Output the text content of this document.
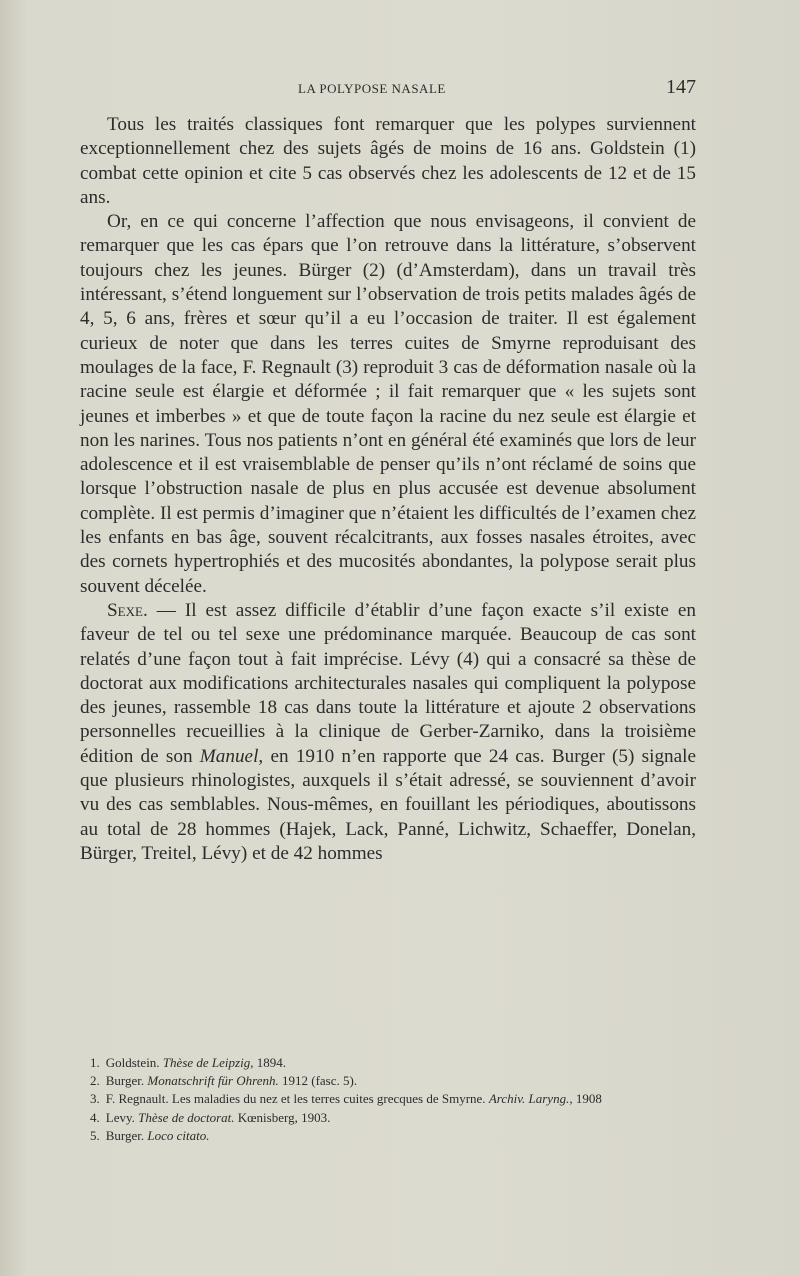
LA POLYPOSE NASALE	147

Tous les traités classiques font remarquer que les polypes surviennent exceptionnellement chez des sujets âgés de moins de 16 ans. Goldstein (1) combat cette opinion et cite 5 cas observés chez les adolescents de 12 et de 15 ans.

Or, en ce qui concerne l’affection que nous envisageons, il convient de remarquer que les cas épars que l’on retrouve dans la littérature, s’observent toujours chez les jeunes. Bürger (2) (d’Amsterdam), dans un travail très intéressant, s’étend longuement sur l’observation de trois petits malades âgés de 4, 5, 6 ans, frères et sœur qu’il a eu l’occasion de traiter. Il est également curieux de noter que dans les terres cuites de Smyrne reproduisant des moulages de la face, F. Regnault (3) reproduit 3 cas de déformation nasale où la racine seule est élargie et déformée ; il fait remarquer que « les sujets sont jeunes et imberbes » et que de toute façon la racine du nez seule est élargie et non les narines. Tous nos patients n’ont en général été examinés que lors de leur adolescence et il est vraisemblable de penser qu’ils n’ont réclamé de soins que lorsque l’obstruction nasale de plus en plus accusée est devenue absolument complète. Il est permis d’imaginer que n’étaient les difficultés de l’examen chez les enfants en bas âge, souvent récalcitrants, aux fosses nasales étroites, avec des cornets hypertrophiés et des mucosités abondantes, la polypose serait plus souvent décelée.

Sexe. — Il est assez difficile d’établir d’une façon exacte s’il existe en faveur de tel ou tel sexe une prédominance marquée. Beaucoup de cas sont relatés d’une façon tout à fait imprécise. Lévy (4) qui a consacré sa thèse de doctorat aux modifications architecturales nasales qui compliquent la polypose des jeunes, rassemble 18 cas dans toute la littérature et ajoute 2 observations personnelles recueillies à la clinique de Gerber-Zarniko, dans la troisième édition de son Manuel, en 1910 n’en rapporte que 24 cas. Burger (5) signale que plusieurs rhinologistes, auxquels il s’était adressé, se souviennent d’avoir vu des cas semblables. Nous-mêmes, en fouillant les périodiques, aboutissons au total de 28 hommes (Hajek, Lack, Panné, Lichwitz, Schaeffer, Donelan, Bürger, Treitel, Lévy) et de 42 hommes

1. Goldstein. Thèse de Leipzig, 1894.

2. Burger. Monatschrift für Ohrenh. 1912 (fasc. 5).

3. F. Regnault. Les maladies du nez et les terres cuites grecques de Smyrne. Archiv. Laryng., 1908

4. Levy. Thèse de doctorat. Kœnisberg, 1903.

5. Burger. Loco citato.
